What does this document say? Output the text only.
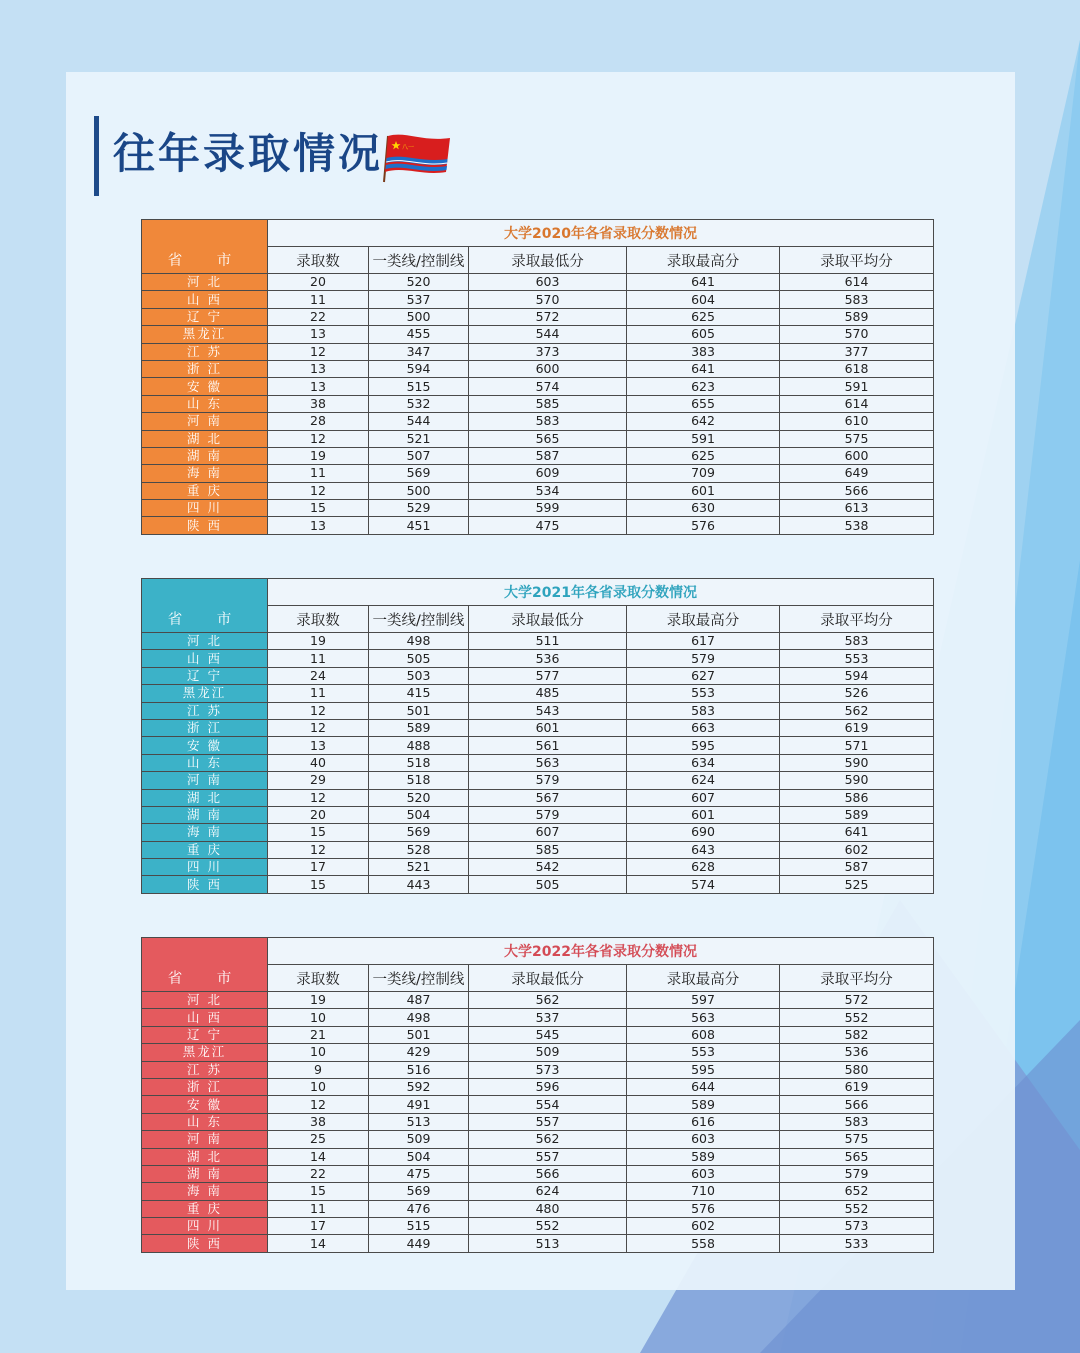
往年录取情况	八一
	大学2020年各省录取分数情况				
省　市	录取数	一类线/控制线	录取最低分	录取最高分	录取平均分
河 北	20	520	603	641	614
山 西	11	537	570	604	583
辽 宁	22	500	572	625	589
黑龙江	13	455	544	605	570
江 苏	12	347	373	383	377
浙 江	13	594	600	641	618
安 徽	13	515	574	623	591
山 东	38	532	585	655	614
河 南	28	544	583	642	610
湖 北	12	521	565	591	575
湖 南	19	507	587	625	600
海 南	11	569	609	709	649
重 庆	12	500	534	601	566
四 川	15	529	599	630	613
陕 西	13	451	475	576	538
	大学2021年各省录取分数情况				
省　市	录取数	一类线/控制线	录取最低分	录取最高分	录取平均分
河 北	19	498	511	617	583
山 西	11	505	536	579	553
辽 宁	24	503	577	627	594
黑龙江	11	415	485	553	526
江 苏	12	501	543	583	562
浙 江	12	589	601	663	619
安 徽	13	488	561	595	571
山 东	40	518	563	634	590
河 南	29	518	579	624	590
湖 北	12	520	567	607	586
湖 南	20	504	579	601	589
海 南	15	569	607	690	641
重 庆	12	528	585	643	602
四 川	17	521	542	628	587
陕 西	15	443	505	574	525
	大学2022年各省录取分数情况				
省　市	录取数	一类线/控制线	录取最低分	录取最高分	录取平均分
河 北	19	487	562	597	572
山 西	10	498	537	563	552
辽 宁	21	501	545	608	582
黑龙江	10	429	509	553	536
江 苏	9	516	573	595	580
浙 江	10	592	596	644	619
安 徽	12	491	554	589	566
山 东	38	513	557	616	583
河 南	25	509	562	603	575
湖 北	14	504	557	589	565
湖 南	22	475	566	603	579
海 南	15	569	624	710	652
重 庆	11	476	480	576	552
四 川	17	515	552	602	573
陕 西	14	449	513	558	533
